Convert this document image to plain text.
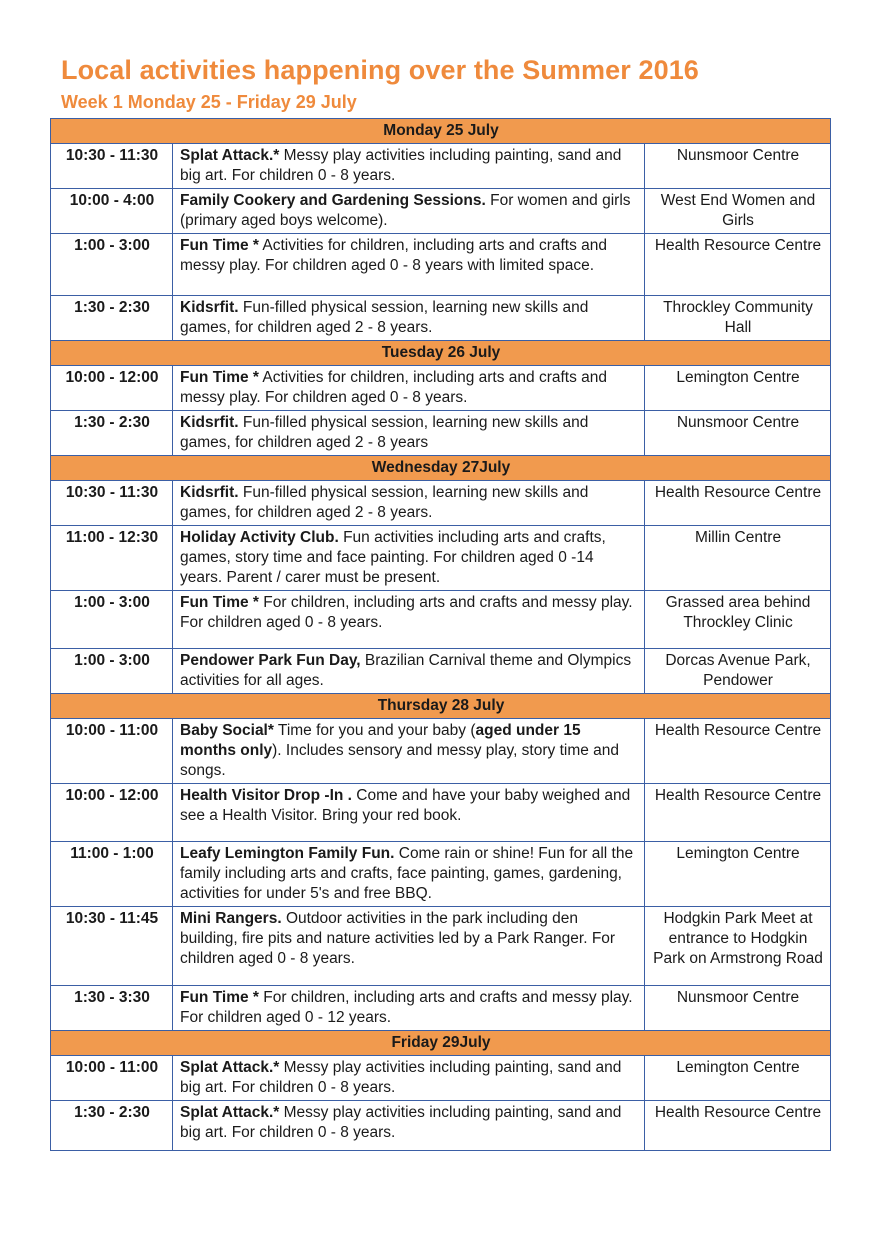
Local activities happening over the Summer 2016
Week 1 Monday 25 - Friday 29 July
Monday 25 July		
10:30 - 11:30	Splat Attack.* Messy play activities including painting, sand and big art. For children 0 - 8 years.	Nunsmoor Centre
10:00 - 4:00	Family Cookery and Gardening Sessions. For women and girls (primary aged boys welcome).	West End Women and Girls
1:00 - 3:00	Fun Time * Activities for children, including arts and crafts and messy play. For children aged 0 - 8 years with limited space.	Health Resource Centre
1:30 - 2:30	Kidsrfit. Fun-filled physical session, learning new skills and games, for children aged 2 - 8 years.	Throckley Community Hall
Tuesday 26 July		
10:00 - 12:00	Fun Time * Activities for children, including arts and crafts and messy play. For children aged 0 - 8 years.	Lemington Centre
1:30 - 2:30	Kidsrfit. Fun-filled physical session, learning new skills and games, for children aged 2 - 8 years	Nunsmoor Centre
Wednesday 27July		
10:30 - 11:30	Kidsrfit. Fun-filled physical session, learning new skills and games, for children aged 2 - 8 years.	Health Resource Centre
11:00 - 12:30	Holiday Activity Club. Fun activities including arts and crafts, games, story time and face painting. For children aged 0 -14 years. Parent / carer must be present.	Millin Centre
1:00 - 3:00	Fun Time * For children, including arts and crafts and messy play. For children aged 0 - 8 years.	Grassed area behind Throckley Clinic
1:00 - 3:00	Pendower Park Fun Day, Brazilian Carnival theme and Olympics activities for all ages.	Dorcas Avenue Park, Pendower
Thursday 28 July		
10:00 - 11:00	Baby Social* Time for you and your baby (aged under 15 months only). Includes sensory and messy play, story time and songs.	Health Resource Centre
10:00 - 12:00	Health Visitor Drop -In . Come and have your baby weighed and see a Health Visitor. Bring your red book.	Health Resource Centre
11:00 - 1:00	Leafy Lemington Family Fun. Come rain or shine! Fun for all the family including arts and crafts, face painting, games, gardening, activities for under 5's and free BBQ.	Lemington Centre
10:30 - 11:45	Mini Rangers. Outdoor activities in the park including den building, fire pits and nature activities led by a Park Ranger. For children aged 0 - 8 years.	Hodgkin Park Meet at entrance to Hodgkin Park on Armstrong Road
1:30 - 3:30	Fun Time * For children, including arts and crafts and messy play. For children aged 0 - 12 years.	Nunsmoor Centre
Friday 29July		
10:00 - 11:00	Splat Attack.* Messy play activities including painting, sand and big art. For children 0 - 8 years.	Lemington Centre
1:30 - 2:30	Splat Attack.* Messy play activities including painting, sand and big art. For children 0 - 8 years.	Health Resource Centre
